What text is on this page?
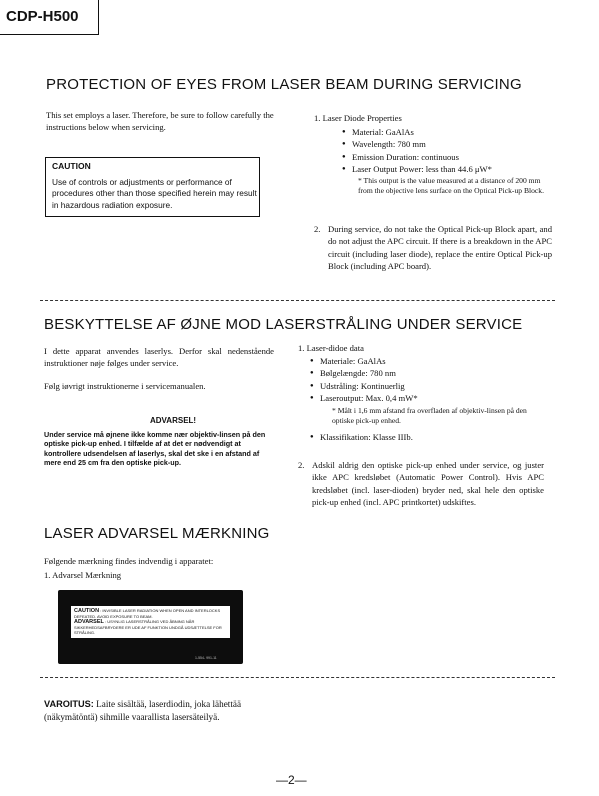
CDP-H500
PROTECTION OF EYES FROM LASER BEAM DURING SERVICING
This set employs a laser. Therefore, be sure to follow carefully the instructions below when servicing.
CAUTION
Use of controls or adjustments or performance of procedures other than those specified herein may result in hazardous radiation exposure.
1. Laser Diode Properties
● Material: GaAlAs
● Wavelength: 780 mm
● Emission Duration: continuous
● Laser Output Power: less than 44.6 μW*
* This output is the value measured at a distance of 200 mm from the objective lens surface on the Optical Pick-up Block.
2. During service, do not take the Optical Pick-up Block apart, and do not adjust the APC circuit. If there is a breakdown in the APC circuit (including laser diode), replace the entire Optical Pick-up Block (including APC board).
BESKYTTELSE AF ØJNE MOD LASERSTRÅLING UNDER SERVICE
I dette apparat anvendes laserlys. Derfor skal nedenstående instruktioner nøje følges under service.
Følg iøvrigt instruktionerne i servicemanualen.
ADVARSEL!
Under service må øjnene ikke komme nær objektiv-linsen på den optiske pick-up enhed. I tilfælde af at det er nødvendigt at kontrollere udsendelsen af laserlys, skal det ske i en afstand af mere end 25 cm fra den optiske pick-up.
1. Laser-didoe data
● Materiale: GaAlAs
● Bølgelængde: 780 nm
● Udstråling: Kontinuerlig
● Laseroutput: Max. 0,4 mW*
* Målt i 1,6 mm afstand fra overfladen af objektiv-linsen på den optiske pick-up enhed.
● Klassifikation: Klasse IIIb.
2. Adskil aldrig den optiske pick-up enhed under service, og juster ikke APC kredsløbet (Automatic Power Control). Hvis APC kredsløbet (incl. laser-dioden) bryder ned, skal hele den optiske pick-up enhed (incl. APC printkortet) udskiftes.
LASER ADVARSEL MÆRKNING
Følgende mærkning findes indvendig i apparatet:
1. Advarsel Mærkning
CAUTION : INVISIBLE LASER RADIATION WHEN OPEN AND INTERLOCKS DEFEATED. AVOID EXPOSURE TO BEAM.
ADVARSEL : USYNLIG LASERSTRÅLING VED ÅBNING NÅR SIKKERHEDSAFBRYDERE ER UDE AF FUNKTION UNDGÅ UDSÆTTELSE FOR STRÅLING.
1-554- 991-11
VAROITUS: Laite sisältää, laserdiodin, joka lähettää (näkymätöntä) sihmille vaarallista lasersäteilyä.
—2—
